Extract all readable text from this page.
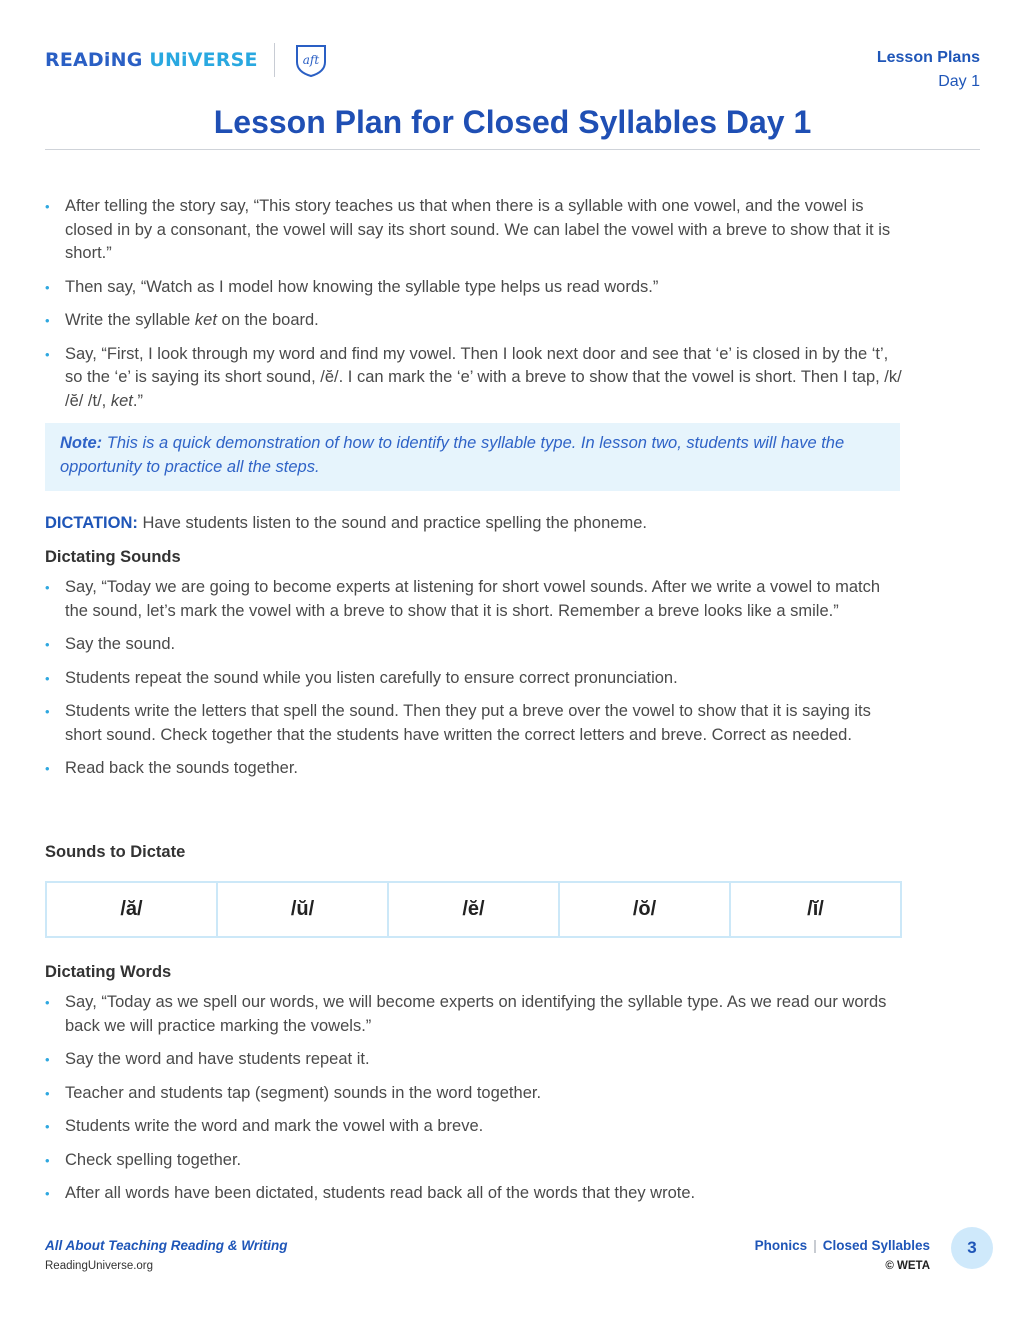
READiNG UNiVERSE	aft	Lesson Plans
Day 1
Lesson Plan for Closed Syllables Day 1
• After telling the story say, “This story teaches us that when there is a syllable with one vowel, and the vowel is closed in by a consonant, the vowel will say its short sound. We can label the vowel with a breve to show that it is short.”
• Then say, “Watch as I model how knowing the syllable type helps us read words.”
• Write the syllable ket on the board.
• Say, “First, I look through my word and find my vowel. Then I look next door and see that ‘e’ is closed in by the ‘t’, so the ‘e’ is saying its short sound, /ĕ/. I can mark the ‘e’ with a breve to show that the vowel is short. Then I tap, /k/ /ĕ/ /t/, ket.”
Note: This is a quick demonstration of how to identify the syllable type. In lesson two, students will have the opportunity to practice all the steps.
DICTATION: Have students listen to the sound and practice spelling the phoneme.
Dictating Sounds
• Say, “Today we are going to become experts at listening for short vowel sounds. After we write a vowel to match the sound, let’s mark the vowel with a breve to show that it is short. Remember a breve looks like a smile.”
• Say the sound.
• Students repeat the sound while you listen carefully to ensure correct pronunciation.
• Students write the letters that spell the sound. Then they put a breve over the vowel to show that it is saying its short sound. Check together that the students have written the correct letters and breve. Correct as needed.
• Read back the sounds together.
Sounds to Dictate
/ă/	/ŭ/	/ĕ/	/ŏ/	/ĭ/
Dictating Words
• Say, “Today as we spell our words, we will become experts on identifying the syllable type. As we read our words back we will practice marking the vowels.”
• Say the word and have students repeat it.
• Teacher and students tap (segment) sounds in the word together.
• Students write the word and mark the vowel with a breve.
• Check spelling together.
• After all words have been dictated, students read back all of the words that they wrote.
All About Teaching Reading & Writing
ReadingUniverse.org
Phonics | Closed Syllables
© WETA
3
